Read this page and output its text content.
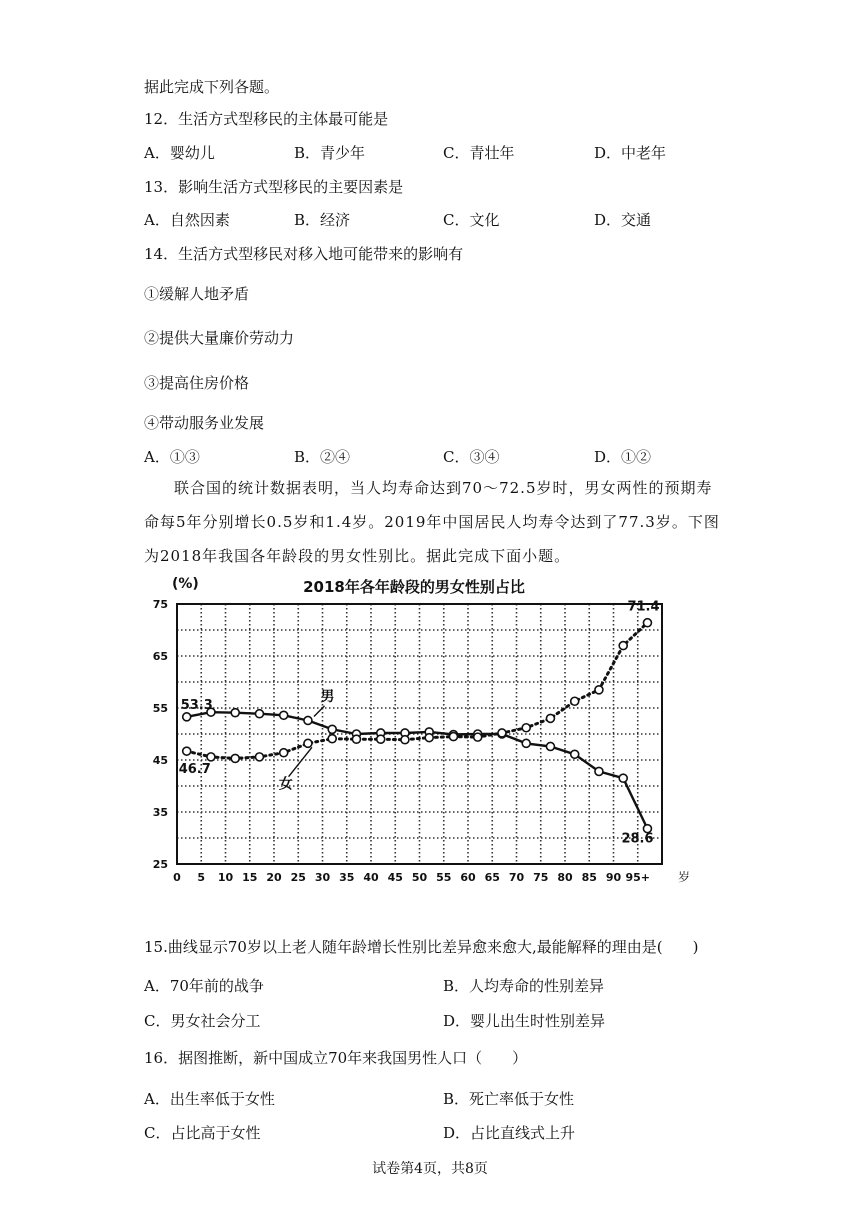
据此完成下列各题。
12．生活方式型移民的主体最可能是
A．婴幼儿	B．青少年	C．青壮年	D．中老年
13．影响生活方式型移民的主要因素是
A．自然因素	B．经济	C．文化	D．交通
14．生活方式型移民对移入地可能带来的影响有
①缓解人地矛盾
②提供大量廉价劳动力
③提高住房价格
④带动服务业发展
A．①③	B．②④	C．③④	D．①②
联合国的统计数据表明，当人均寿命达到70～72.5岁时，男女两性的预期寿命每5年分别增长0.5岁和1.4岁。2019年中国居民人均寿令达到了77.3岁。下图为2018年我国各年龄段的男女性别比。据此完成下面小题。
25
35
45
55
65
75
0 5 10 15 20 25 30 35 40 45 50 55 60 65 70 75 80 85 90 95+ 岁
(%)	2018年各年龄段的男女性别占比
男
女
53.3
46.7
71.4
28.6
15.曲线显示70岁以上老人随年龄增长性别比差异愈来愈大,最能解释的理由是(　　)
A．70年前的战争	B．人均寿命的性别差异
C．男女社会分工	D．婴儿出生时性别差异
16．据图推断，新中国成立70年来我国男性人口（　　）
A．出生率低于女性	B．死亡率低于女性
C．占比高于女性	D．占比直线式上升
试卷第4页，共8页
